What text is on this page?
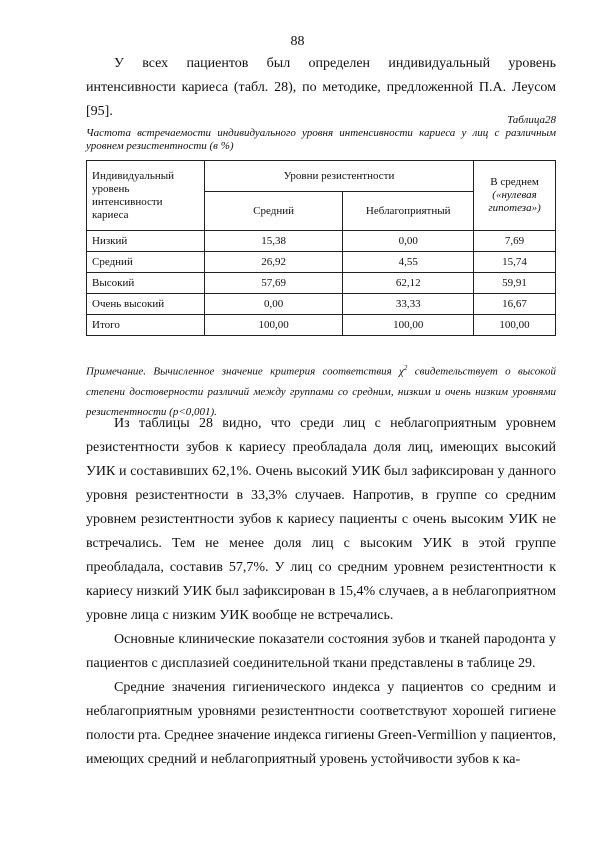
88

У всех пациентов был определен индивидуальный уровень интенсивности кариеса (табл. 28), по методике, предложенной П.А. Леусом [95].

Таблица28

Частота встречаемости индивидуального уровня интенсивности кариеса у лиц с различным уровнем резистентности (в %)

Индивидуальный уровень интенсивности кариеса	Уровни резистентности		В среднем
(«нулевая гипотеза»)
	Средний	Неблагоприятный	
Низкий	15,38	0,00	7,69
Средний	26,92	4,55	15,74
Высокий	57,69	62,12	59,91
Очень высокий	0,00	33,33	16,67
Итого	100,00	100,00	100,00

Примечание. Вычисленное значение критерия соответствия $\chi^2$ свидетельствует о высокой степени достоверности различий между группами со средним, низким и очень низким уровнями резистентности (p<0,001).

Из таблицы 28 видно, что среди лиц с неблагоприятным уровнем резистентности зубов к кариесу преобладала доля лиц, имеющих высокий УИК и составивших 62,1%. Очень высокий УИК был зафиксирован у данного уровня резистентности в 33,3% случаев. Напротив, в группе со средним уровнем резистентности зубов к кариесу пациенты с очень высоким УИК не встречались. Тем не менее доля лиц с высоким УИК в этой группе преобладала, составив 57,7%. У лиц со средним уровнем резистентности к кариесу низкий УИК был зафиксирован в 15,4% случаев, а в неблагоприятном уровне лица с низким УИК вообще не встречались.

Основные клинические показатели состояния зубов и тканей пародонта у пациентов с дисплазией соединительной ткани представлены в таблице 29.

Средние значения гигиенического индекса у пациентов со средним и неблагоприятным уровнями резистентности соответствуют хорошей гигиене полости рта. Среднее значение индекса гигиены Green-Vermillion у пациентов, имеющих средний и неблагоприятный уровень устойчивости зубов к ка-
